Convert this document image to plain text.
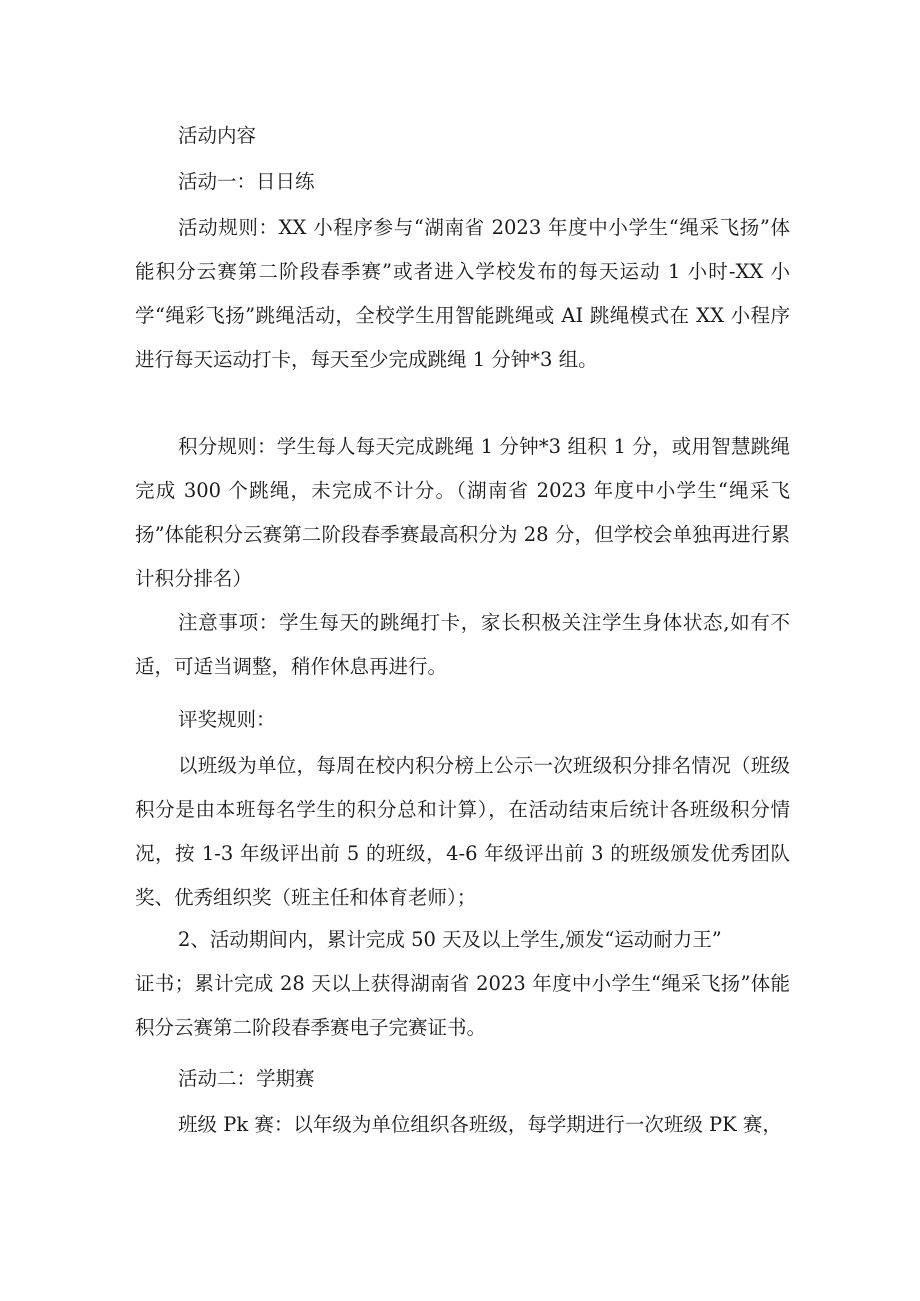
活动内容

活动一：日日练

活动规则：XX 小程序参与“湖南省 2023 年度中小学生“绳采飞扬”体能积分云赛第二阶段春季赛”或者进入学校发布的每天运动 1 小时-XX 小学“绳彩飞扬”跳绳活动，全校学生用智能跳绳或 AI 跳绳模式在 XX 小程序进行每天运动打卡，每天至少完成跳绳 1 分钟*3 组。

积分规则：学生每人每天完成跳绳 1 分钟*3 组积 1 分，或用智慧跳绳完成 300 个跳绳，未完成不计分。（湖南省 2023 年度中小学生“绳采飞扬”体能积分云赛第二阶段春季赛最高积分为 28 分，但学校会单独再进行累计积分排名）

注意事项：学生每天的跳绳打卡，家长积极关注学生身体状态,如有不适，可适当调整，稍作休息再进行。

评奖规则：

以班级为单位，每周在校内积分榜上公示一次班级积分排名情况（班级积分是由本班每名学生的积分总和计算），在活动结束后统计各班级积分情况，按 1-3 年级评出前 5 的班级，4-6 年级评出前 3 的班级颁发优秀团队奖、优秀组织奖（班主任和体育老师）；

2、活动期间内，累计完成 50 天及以上学生,颁发“运动耐力王”

证书；累计完成 28 天以上获得湖南省 2023 年度中小学生“绳采飞扬”体能积分云赛第二阶段春季赛电子完赛证书。

活动二：学期赛

班级 Pk 赛：以年级为单位组织各班级，每学期进行一次班级 PK 赛，
